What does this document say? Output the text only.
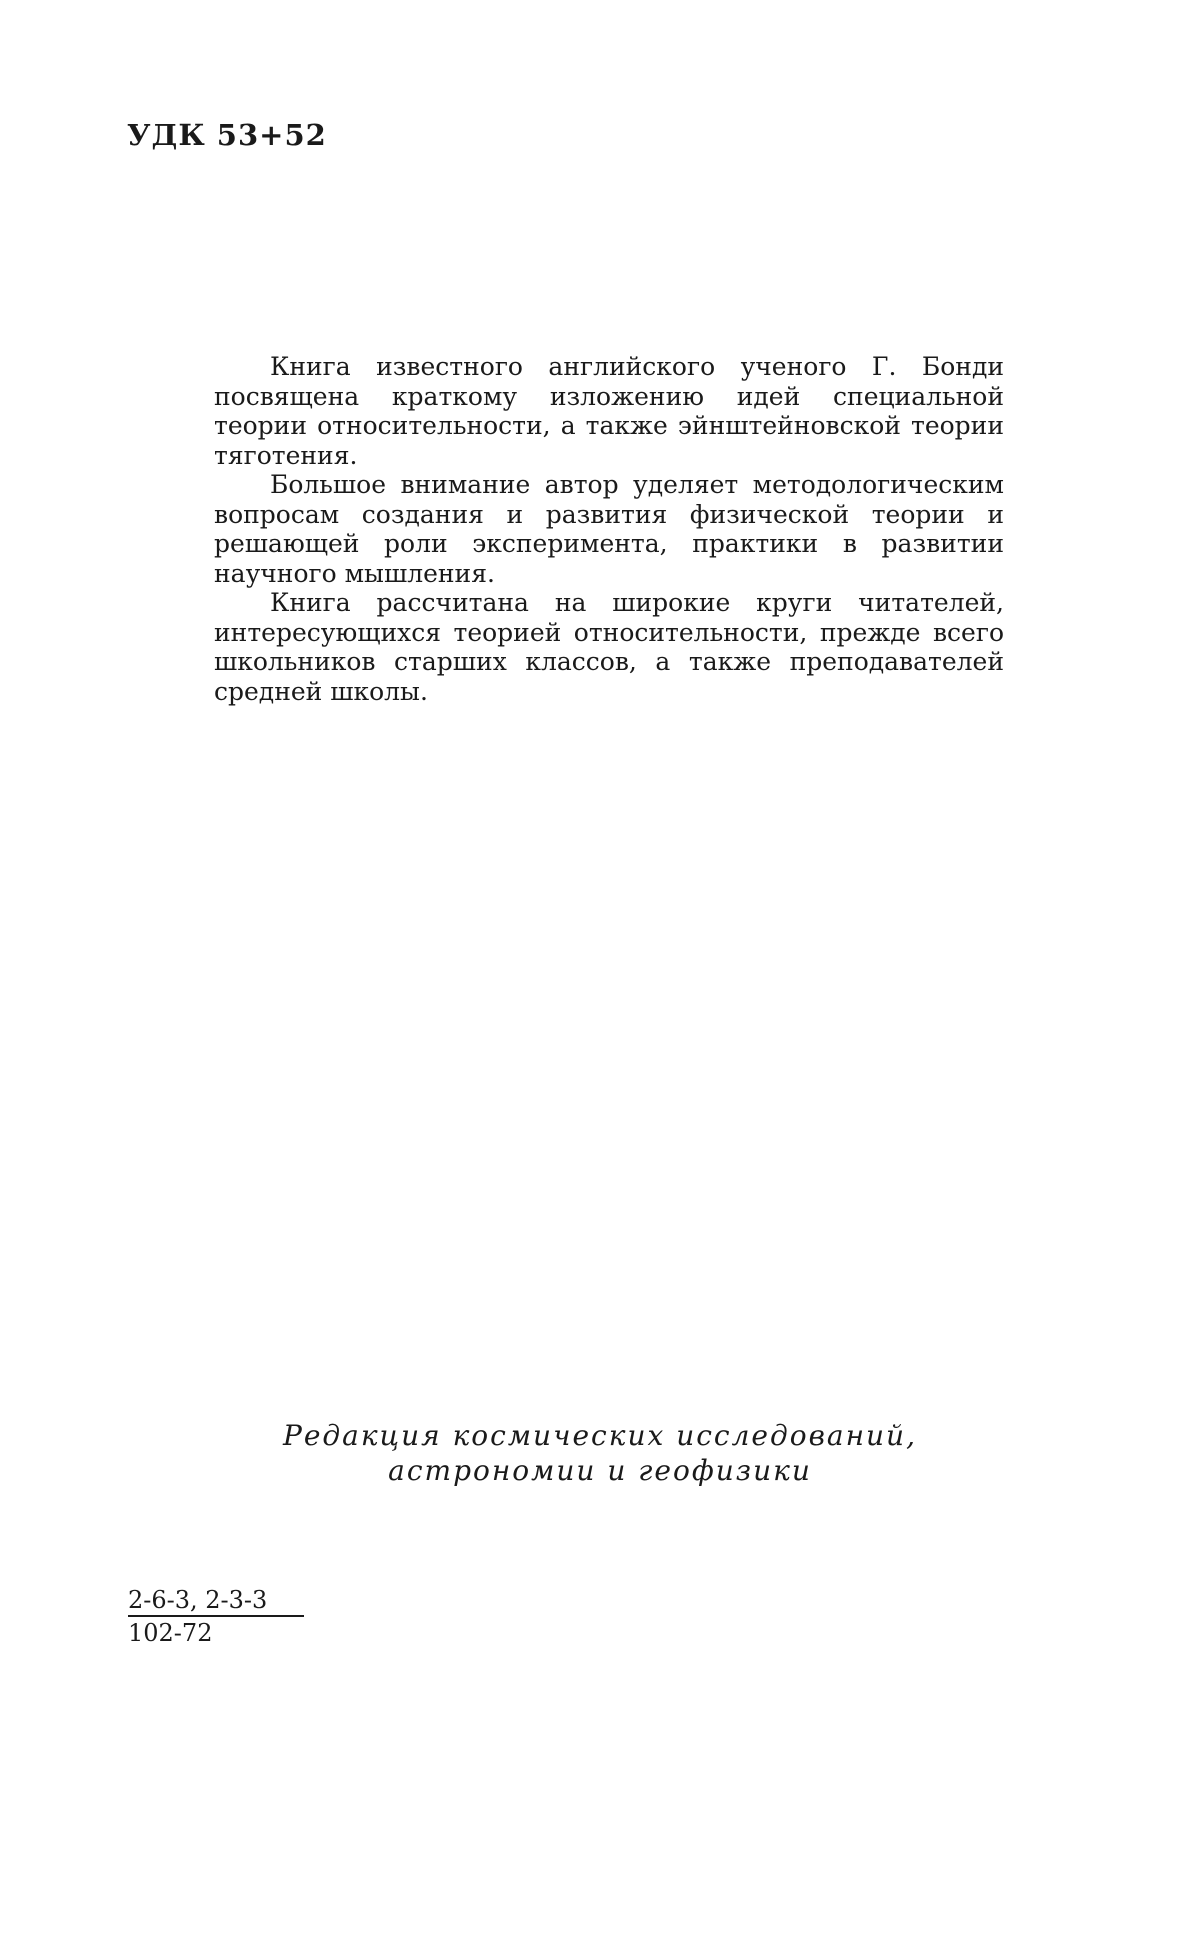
УДК 53+52

Книга известного английского ученого Г. Бонди посвящена краткому изложению идей специальной теории относительности, а также эйнштейновской теории тяготения.

Большое внимание автор уделяет методологическим вопросам создания и развития физической теории и решающей роли эксперимента, практики в развитии научного мышления.

Книга рассчитана на широкие круги читателей, интересующихся теорией относительности, прежде всего школьников старших классов, а также преподавателей средней школы.

Редакция космических исследований,
астрономии и геофизики
$\frac{2-6-3, 2-3-3}{102-72}$
